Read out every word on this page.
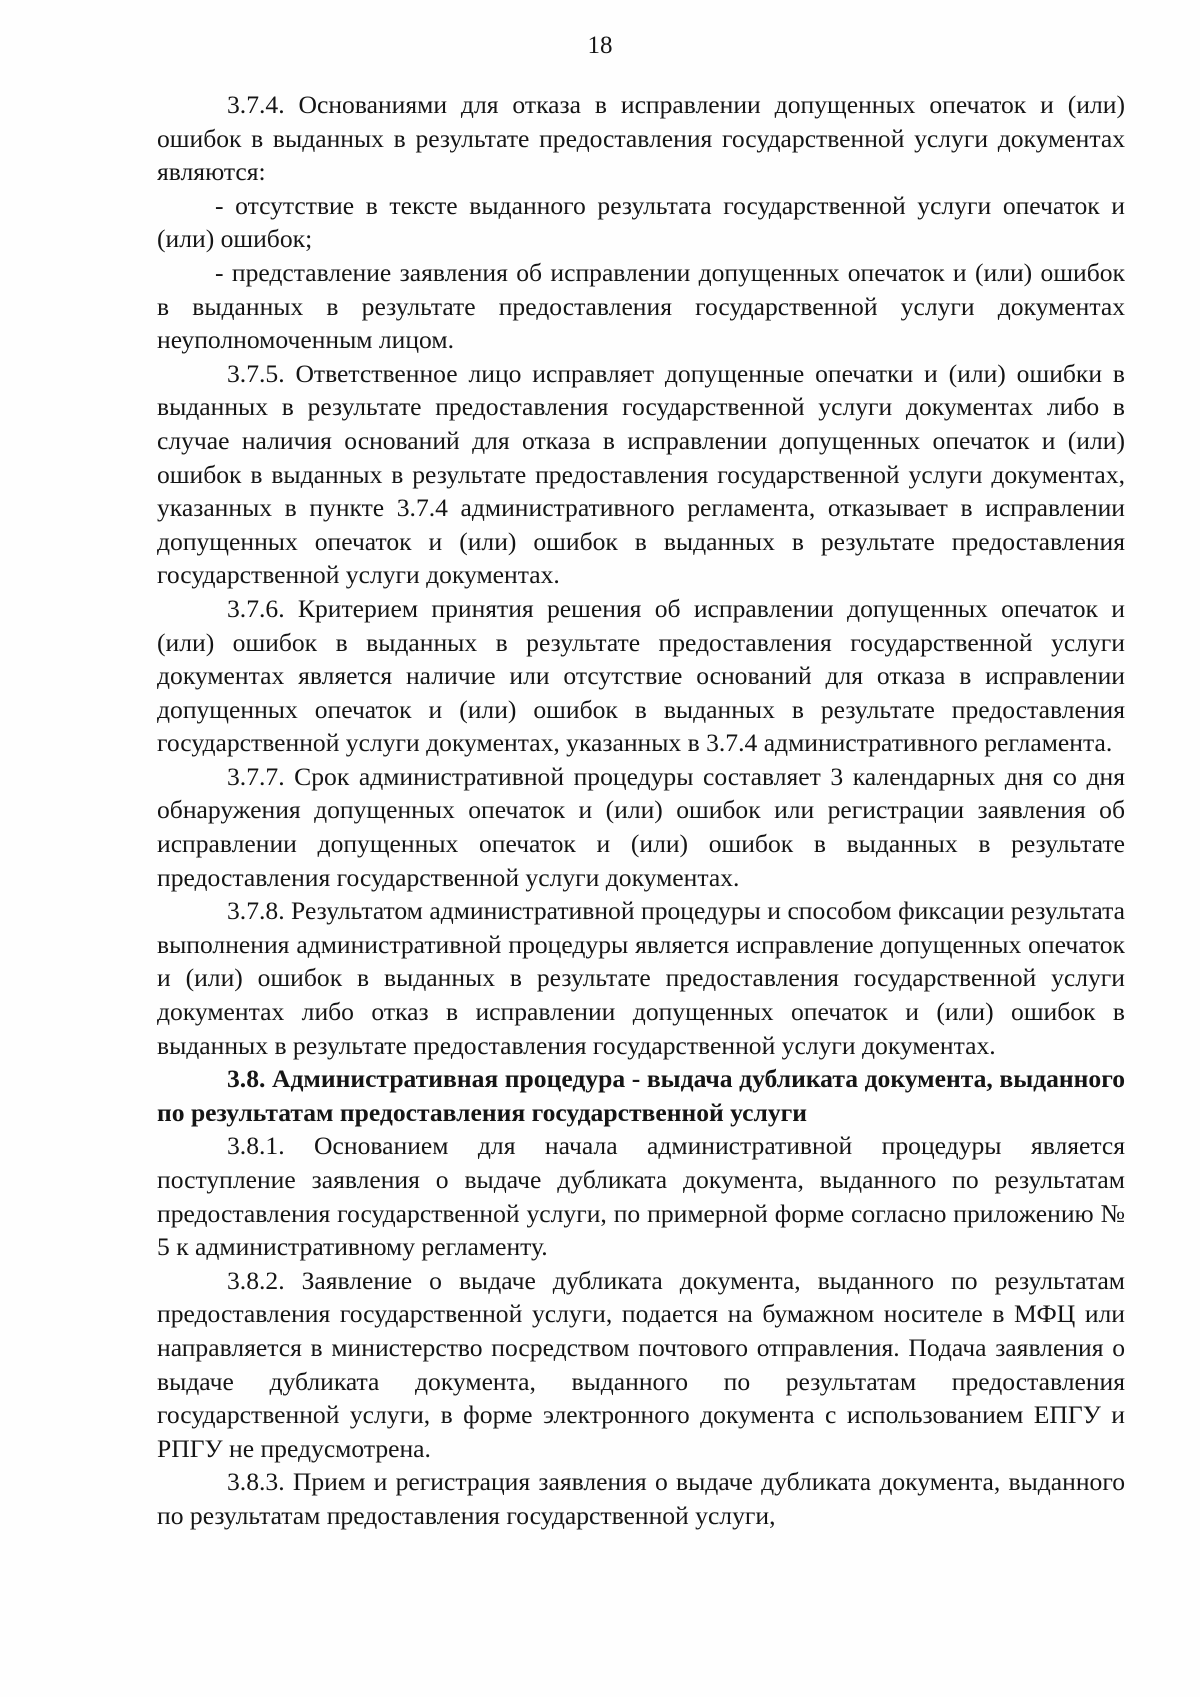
18

3.7.4. Основаниями для отказа в исправлении допущенных опечаток и (или) ошибок в выданных в результате предоставления государственной услуги документах являются:

- отсутствие в тексте выданного результата государственной услуги опечаток и (или) ошибок;

- представление заявления об исправлении допущенных опечаток и (или) ошибок в выданных в результате предоставления государственной услуги документах неуполномоченным лицом.

3.7.5. Ответственное лицо исправляет допущенные опечатки и (или) ошибки в выданных в результате предоставления государственной услуги документах либо в случае наличия оснований для отказа в исправлении допущенных опечаток и (или) ошибок в выданных в результате предоставления государственной услуги документах, указанных в пункте 3.7.4 административного регламента, отказывает в исправлении допущенных опечаток и (или) ошибок в выданных в результате предоставления государственной услуги документах.

3.7.6. Критерием принятия решения об исправлении допущенных опечаток и (или) ошибок в выданных в результате предоставления государственной услуги документах является наличие или отсутствие оснований для отказа в исправлении допущенных опечаток и (или) ошибок в выданных в результате предоставления государственной услуги документах, указанных в 3.7.4 административного регламента.

3.7.7. Срок административной процедуры составляет 3 календарных дня со дня обнаружения допущенных опечаток и (или) ошибок или регистрации заявления об исправлении допущенных опечаток и (или) ошибок в выданных в результате предоставления государственной услуги документах.

3.7.8. Результатом административной процедуры и способом фиксации результата выполнения административной процедуры является исправление допущенных опечаток и (или) ошибок в выданных в результате предоставления государственной услуги документах либо отказ в исправлении допущенных опечаток и (или) ошибок в выданных в результате предоставления государственной услуги документах.

3.8. Административная процедура - выдача дубликата документа, выданного по результатам предоставления государственной услуги

3.8.1. Основанием для начала административной процедуры является поступление заявления о выдаче дубликата документа, выданного по результатам предоставления государственной услуги, по примерной форме согласно приложению № 5 к административному регламенту.

3.8.2. Заявление о выдаче дубликата документа, выданного по результатам предоставления государственной услуги, подается на бумажном носителе в МФЦ или направляется в министерство посредством почтового отправления. Подача заявления о выдаче дубликата документа, выданного по результатам предоставления государственной услуги, в форме электронного документа с использованием ЕПГУ и РПГУ не предусмотрена.

3.8.3. Прием и регистрация заявления о выдаче дубликата документа, выданного по результатам предоставления государственной услуги,
